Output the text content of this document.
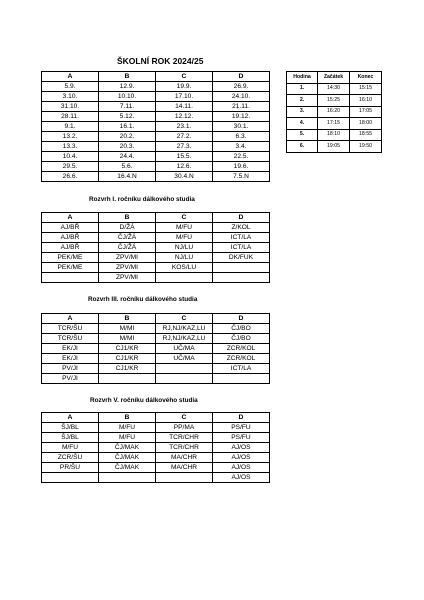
ŠKOLNÍ ROK 2024/25
A	B	C	D
5.9.	12.9.	19.9.	26.9.
3.10.	10.10.	17.10.	24.10.
31.10.	7.11.	14.11.	21.11.
28.11.	5.12.	12.12.	19.12.
9.1.	16.1.	23.1.	30.1.
13.2.	20.2.	27.2.	6.3.
13.3.	20.3.	27.3.	3.4.
10.4.	24.4.	15.5.	22.5.
29.5.	5.6.	12.6.	19.6.
26.6.	16.4.N	30.4.N	7.5.N
Hodina	Začátek	Konec
1.	14:30	15:15
2.	15:25	16:10
3.	16:20	17:05
4.	17:15	18:00
5.	18:10	18:55
6.	19:05	19:50
Rozvrh I. ročníku dálkového studia
A	B	C	D
AJ/BŘ	D/ŽÁ	M/FU	Z/KOL
AJ/BŘ	ČJ/ŽÁ	M/FU	ICT/LA
AJ/BŘ	ČJ/ŽÁ	NJ/LU	ICT/LA
PEK/ME	ZPV/MI	NJ/LU	DK/FUK
PEK/ME	ZPV/MI	KOS/LU	
	ZPV/MI		
Rozvrh III. ročníku dálkového studia
A	B	C	D
TCR/ŠU	M/MI	RJ,NJ/KAZ,LU	ČJ/BO
TCR/ŠU	M/MI	RJ,NJ/KAZ,LU	ČJ/BO
EK/JI	CJ1/KR	UČ/MA	ZCR/KOL
EK/JI	CJ1/KR	UČ/MA	ZCR/KOL
PV/JI	CJ1/KR		ICT/LA
PV/JI			
Rozvrh V. ročníku dálkového studia
A	B	C	D
ŠJ/BL	M/FU	PP/MA	PS/FU
ŠJ/BL	M/FU	TCR/CHR	PS/FU
M/FU	ČJ/MAK	TCR/CHR	AJ/OS
ZCR/ŠU	ČJ/MAK	MA/CHR	AJ/OS
PR/ŠU	ČJ/MAK	MA/CHR	AJ/OS
			AJ/OS
